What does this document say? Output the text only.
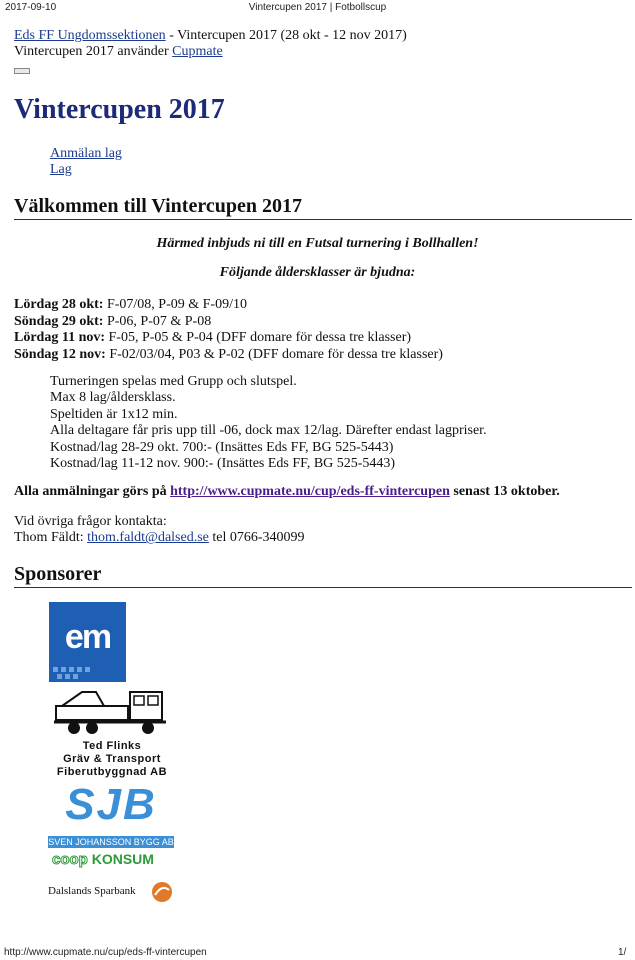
2017-09-10	Vintercupen 2017 | Fotbollscup
Eds FF Ungdomssektionen - Vintercupen 2017 (28 okt - 12 nov 2017)
Vintercupen 2017 använder Cupmate
Vintercupen 2017
Anmälan lag
Lag
Välkommen till Vintercupen 2017
Härmed inbjuds ni till en Futsal turnering i Bollhallen!
Följande åldersklasser är bjudna:
Lördag 28 okt: F-07/08, P-09 & F-09/10
Söndag 29 okt: P-06, P-07 & P-08
Lördag 11 nov: F-05, P-05 & P-04 (DFF domare för dessa tre klasser)
Söndag 12 nov: F-02/03/04, P03 & P-02 (DFF domare för dessa tre klasser)
Turneringen spelas med Grupp och slutspel.
Max 8 lag/åldersklass.
Speltiden är 1x12 min.
Alla deltagare får pris upp till -06, dock max 12/lag. Därefter endast lagpriser.
Kostnad/lag 28-29 okt. 700:- (Insättes Eds FF, BG 525-5443)
Kostnad/lag 11-12 nov. 900:- (Insättes Eds FF, BG 525-5443)
Alla anmälningar görs på http://www.cupmate.nu/cup/eds-ff-vintercupen senast 13 oktober.
Vid övriga frågor kontakta:
Thom Fäldt: thom.faldt@dalsed.se tel 0766-340099
Sponsorer
em
Ted Flinks
Gräv & Transport
Fiberutbyggnad AB
SJB
SVEN JOHANSSON BYGG AB
coop KONSUM
Dalslands Sparbank
http://www.cupmate.nu/cup/eds-ff-vintercupen	1/
